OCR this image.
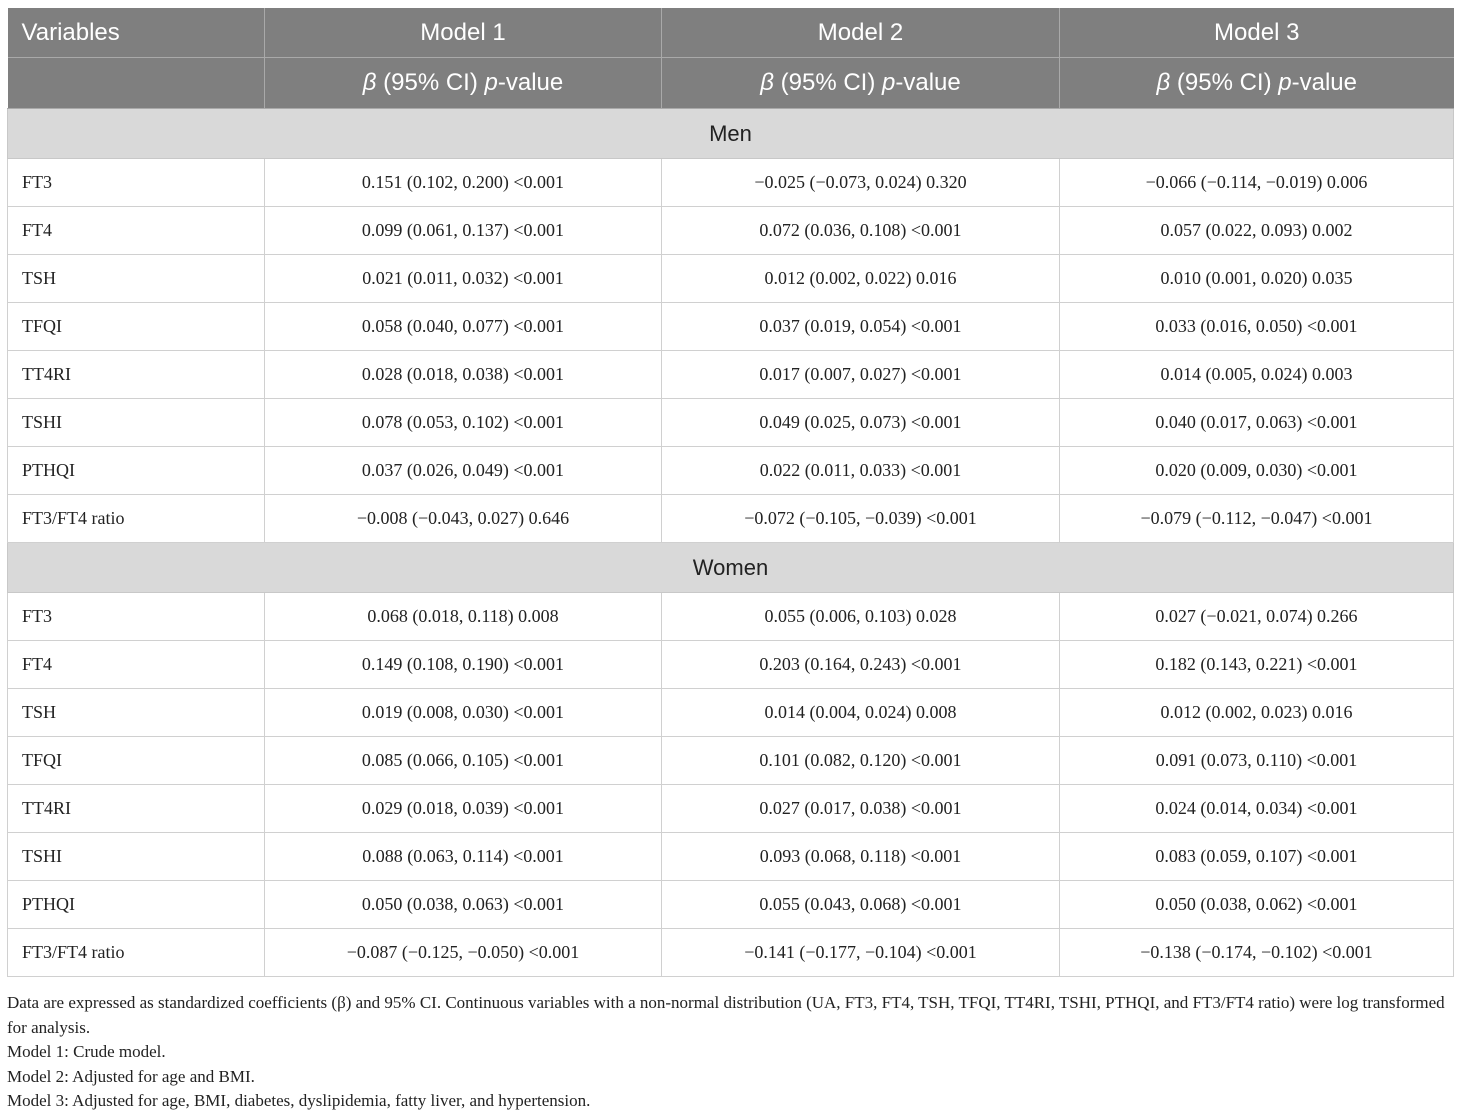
Variables	Model 1	Model 2	Model 3
	β (95% CI) p-value	β (95% CI) p-value	β (95% CI) p-value
Men			
FT3	0.151 (0.102, 0.200) <0.001	−0.025 (−0.073, 0.024) 0.320	−0.066 (−0.114, −0.019) 0.006
FT4	0.099 (0.061, 0.137) <0.001	0.072 (0.036, 0.108) <0.001	0.057 (0.022, 0.093) 0.002
TSH	0.021 (0.011, 0.032) <0.001	0.012 (0.002, 0.022) 0.016	0.010 (0.001, 0.020) 0.035
TFQI	0.058 (0.040, 0.077) <0.001	0.037 (0.019, 0.054) <0.001	0.033 (0.016, 0.050) <0.001
TT4RI	0.028 (0.018, 0.038) <0.001	0.017 (0.007, 0.027) <0.001	0.014 (0.005, 0.024) 0.003
TSHI	0.078 (0.053, 0.102) <0.001	0.049 (0.025, 0.073) <0.001	0.040 (0.017, 0.063) <0.001
PTHQI	0.037 (0.026, 0.049) <0.001	0.022 (0.011, 0.033) <0.001	0.020 (0.009, 0.030) <0.001
FT3/FT4 ratio	−0.008 (−0.043, 0.027) 0.646	−0.072 (−0.105, −0.039) <0.001	−0.079 (−0.112, −0.047) <0.001
Women			
FT3	0.068 (0.018, 0.118) 0.008	0.055 (0.006, 0.103) 0.028	0.027 (−0.021, 0.074) 0.266
FT4	0.149 (0.108, 0.190) <0.001	0.203 (0.164, 0.243) <0.001	0.182 (0.143, 0.221) <0.001
TSH	0.019 (0.008, 0.030) <0.001	0.014 (0.004, 0.024) 0.008	0.012 (0.002, 0.023) 0.016
TFQI	0.085 (0.066, 0.105) <0.001	0.101 (0.082, 0.120) <0.001	0.091 (0.073, 0.110) <0.001
TT4RI	0.029 (0.018, 0.039) <0.001	0.027 (0.017, 0.038) <0.001	0.024 (0.014, 0.034) <0.001
TSHI	0.088 (0.063, 0.114) <0.001	0.093 (0.068, 0.118) <0.001	0.083 (0.059, 0.107) <0.001
PTHQI	0.050 (0.038, 0.063) <0.001	0.055 (0.043, 0.068) <0.001	0.050 (0.038, 0.062) <0.001
FT3/FT4 ratio	−0.087 (−0.125, −0.050) <0.001	−0.141 (−0.177, −0.104) <0.001	−0.138 (−0.174, −0.102) <0.001

Data are expressed as standardized coefficients (β) and 95% CI. Continuous variables with a non-normal distribution (UA, FT3, FT4, TSH, TFQI, TT4RI, TSHI, PTHQI, and FT3/FT4 ratio) were log transformed for analysis.

Model 1: Crude model.

Model 2: Adjusted for age and BMI.

Model 3: Adjusted for age, BMI, diabetes, dyslipidemia, fatty liver, and hypertension.
